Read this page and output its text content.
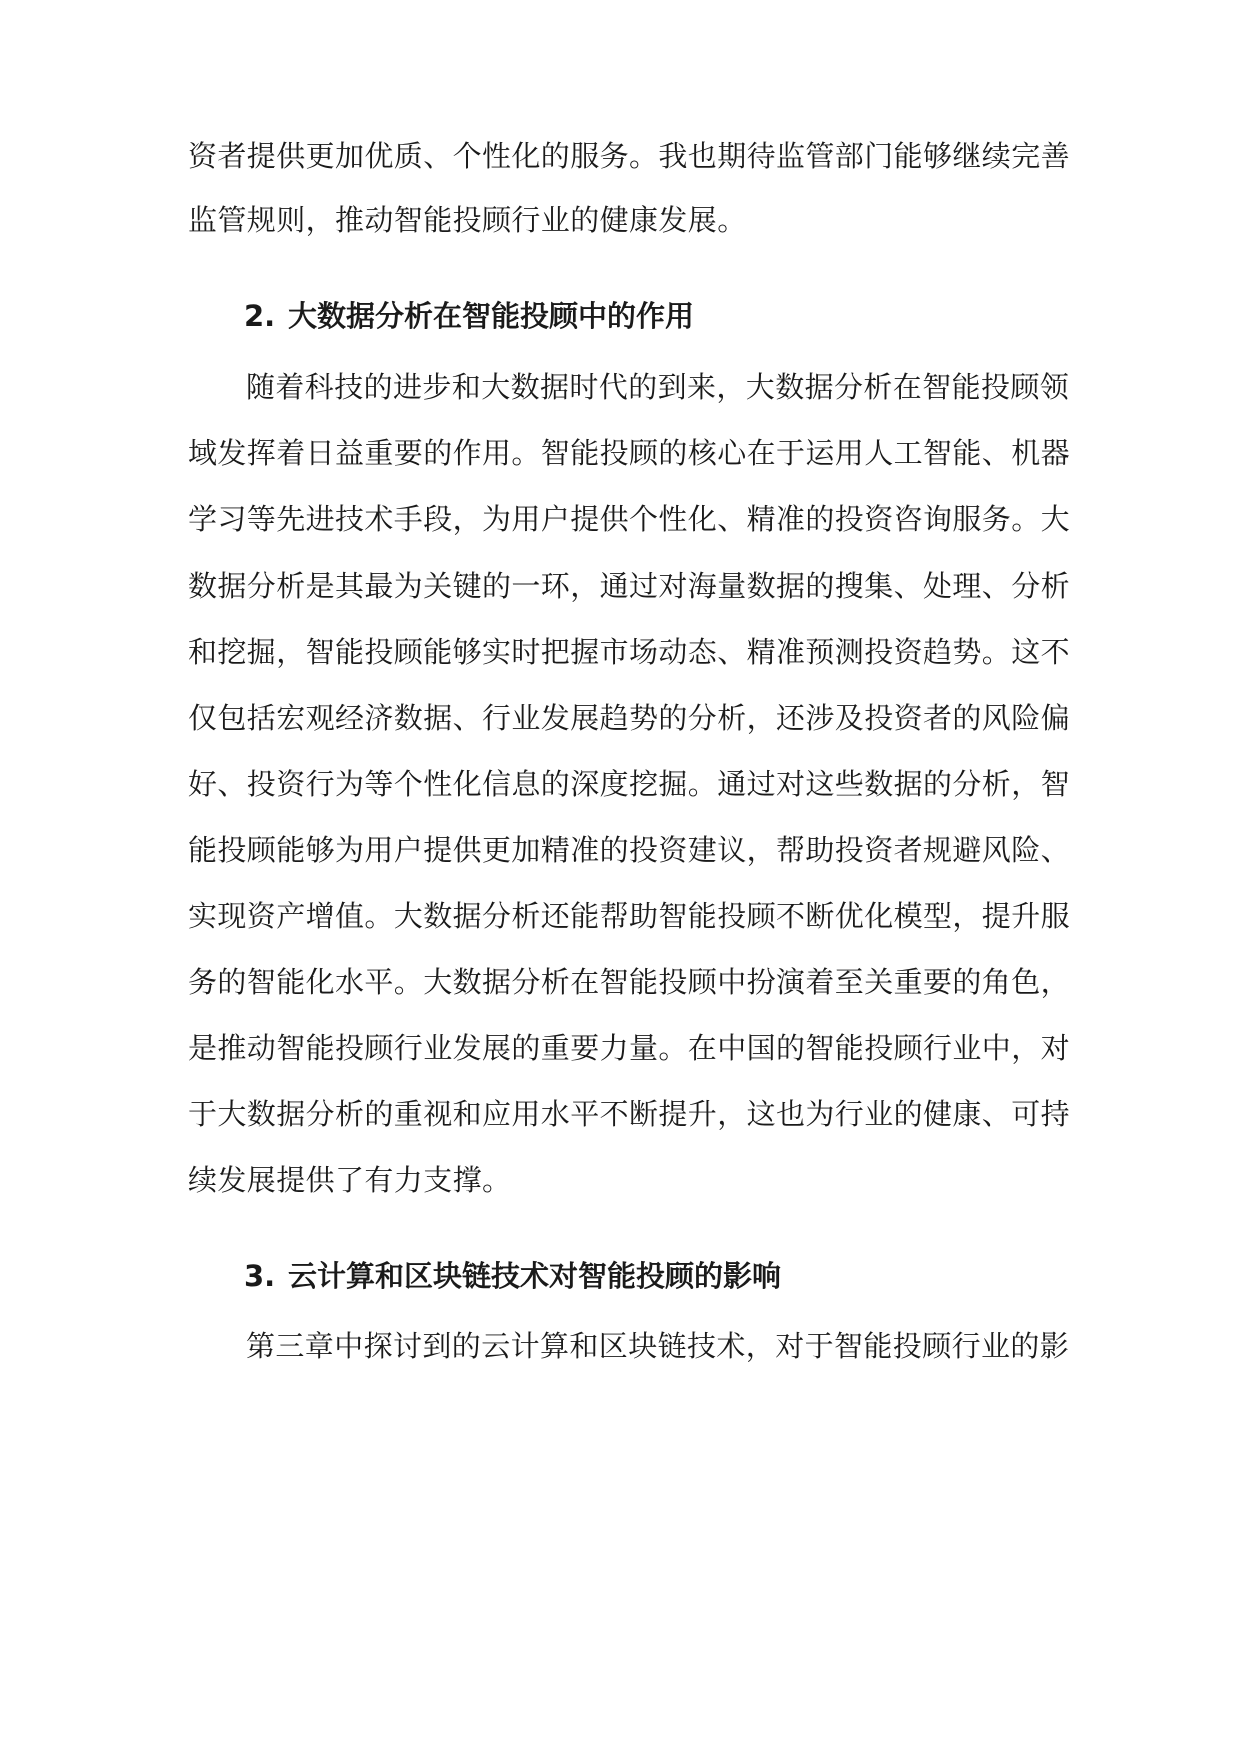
资者提供更加优质、个性化的服务。我也期待监管部门能够继续完善
监管规则，推动智能投顾行业的健康发展。
2. 大数据分析在智能投顾中的作用
随着科技的进步和大数据时代的到来，大数据分析在智能投顾领
域发挥着日益重要的作用。智能投顾的核心在于运用人工智能、机器
学习等先进技术手段，为用户提供个性化、精准的投资咨询服务。大
数据分析是其最为关键的一环，通过对海量数据的搜集、处理、分析
和挖掘，智能投顾能够实时把握市场动态、精准预测投资趋势。这不
仅包括宏观经济数据、行业发展趋势的分析，还涉及投资者的风险偏
好、投资行为等个性化信息的深度挖掘。通过对这些数据的分析，智
能投顾能够为用户提供更加精准的投资建议，帮助投资者规避风险、
实现资产增值。大数据分析还能帮助智能投顾不断优化模型，提升服
务的智能化水平。大数据分析在智能投顾中扮演着至关重要的角色，
是推动智能投顾行业发展的重要力量。在中国的智能投顾行业中，对
于大数据分析的重视和应用水平不断提升，这也为行业的健康、可持
续发展提供了有力支撑。
3. 云计算和区块链技术对智能投顾的影响
第三章中探讨到的云计算和区块链技术，对于智能投顾行业的影
